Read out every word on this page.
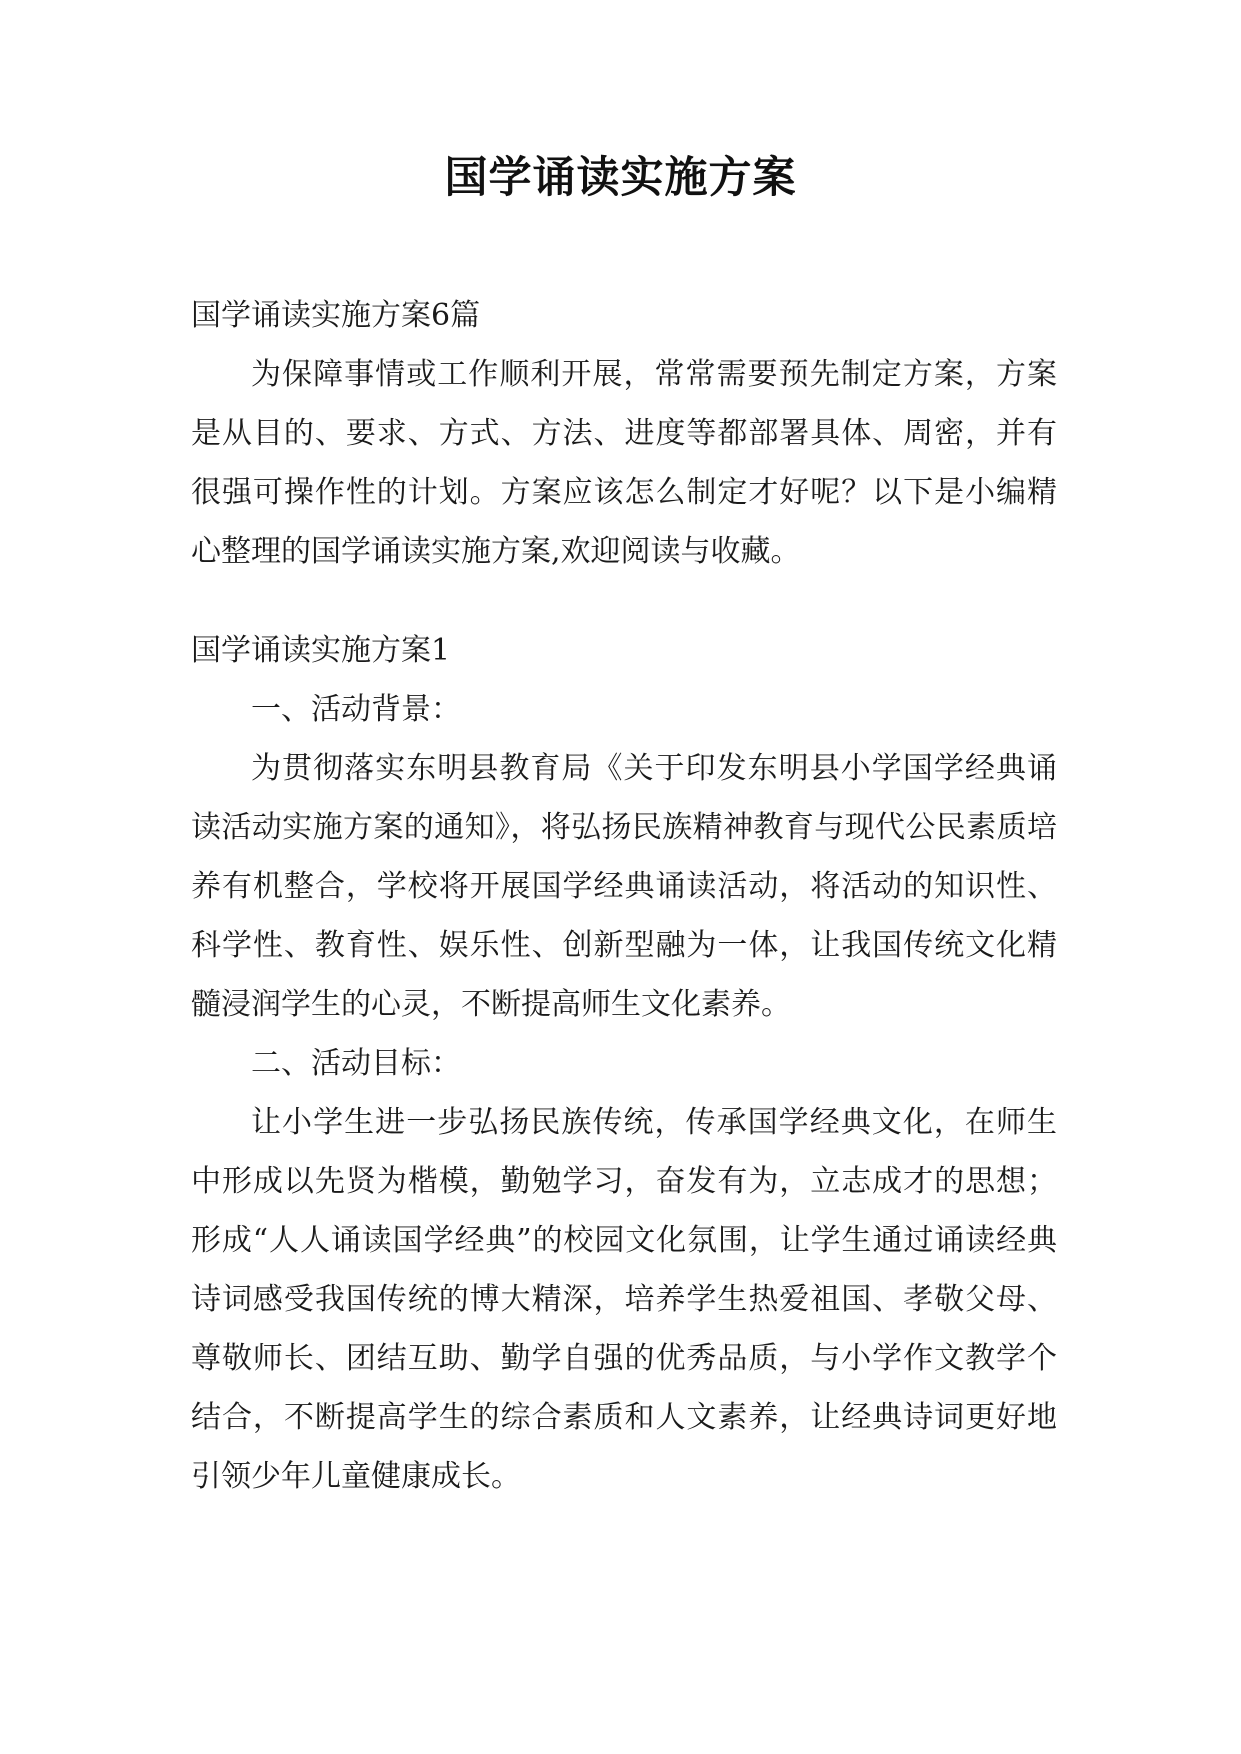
国学诵读实施方案

国学诵读实施方案6篇

为保障事情或工作顺利开展，常常需要预先制定方案，方案是从目的、要求、方式、方法、进度等都部署具体、周密，并有很强可操作性的计划。方案应该怎么制定才好呢？以下是小编精心整理的国学诵读实施方案,欢迎阅读与收藏。

国学诵读实施方案1

一、活动背景：

为贯彻落实东明县教育局《关于印发东明县小学国学经典诵读活动实施方案的通知》，将弘扬民族精神教育与现代公民素质培养有机整合，学校将开展国学经典诵读活动，将活动的知识性、科学性、教育性、娱乐性、创新型融为一体，让我国传统文化精髓浸润学生的心灵，不断提高师生文化素养。

二、活动目标：

让小学生进一步弘扬民族传统，传承国学经典文化，在师生中形成以先贤为楷模，勤勉学习，奋发有为，立志成才的思想；形成“人人诵读国学经典”的校园文化氛围，让学生通过诵读经典诗词感受我国传统的博大精深，培养学生热爱祖国、孝敬父母、尊敬师长、团结互助、勤学自强的优秀品质，与小学作文教学个结合，不断提高学生的综合素质和人文素养，让经典诗词更好地引领少年儿童健康成长。
